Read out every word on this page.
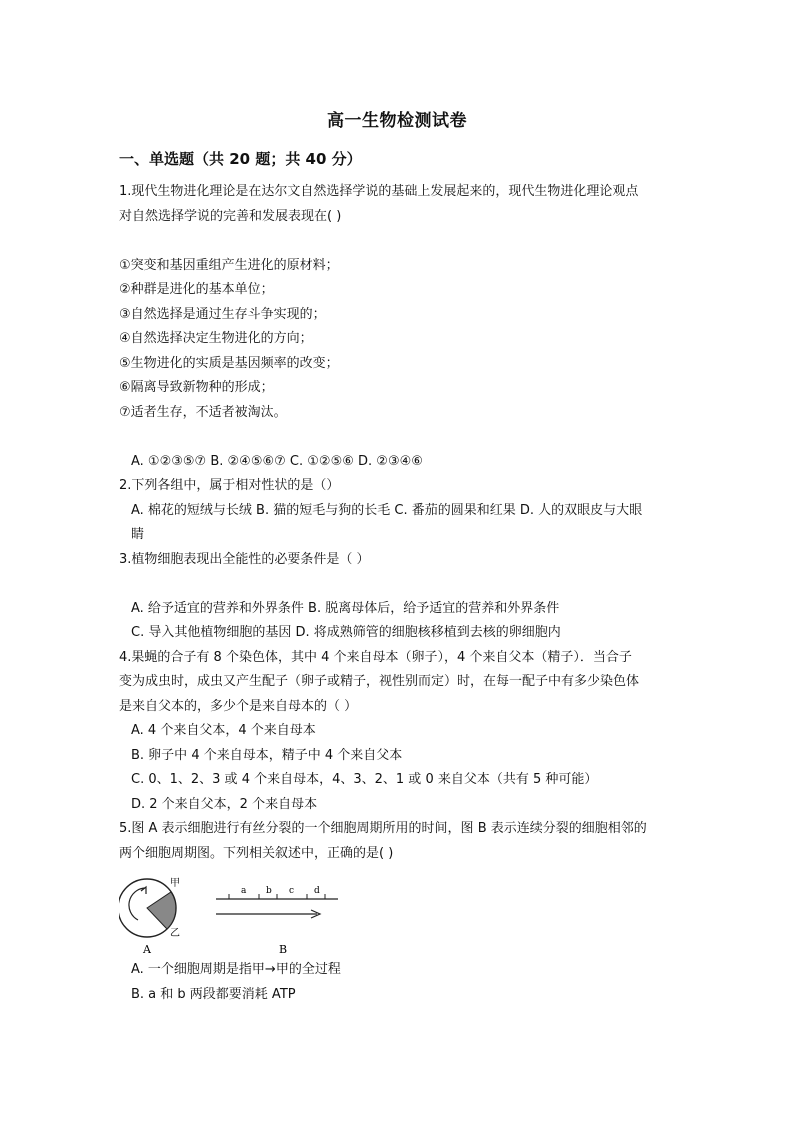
高一生物检测试卷
一、单选题（共 20 题；共 40 分）
1.现代生物进化理论是在达尔文自然选择学说的基础上发展起来的，现代生物进化理论观点
对自然选择学说的完善和发展表现在( )
①突变和基因重组产生进化的原材料；
②种群是进化的基本单位；
③自然选择是通过生存斗争实现的；
④自然选择决定生物进化的方向；
⑤生物进化的实质是基因频率的改变；
⑥隔离导致新物种的形成；
⑦适者生存，不适者被淘汰。
A. ①②③⑤⑦ B. ②④⑤⑥⑦ C. ①②⑤⑥ D. ②③④⑥
2.下列各组中，属于相对性状的是（）
A. 棉花的短绒与长绒 B. 猫的短毛与狗的长毛 C. 番茄的圆果和红果 D. 人的双眼皮与大眼
睛
3.植物细胞表现出全能性的必要条件是（ ）
A. 给予适宜的营养和外界条件 B. 脱离母体后，给予适宜的营养和外界条件
C. 导入其他植物细胞的基因 D. 将成熟筛管的细胞核移植到去核的卵细胞内
4.果蝇的合子有 8 个染色体，其中 4 个来自母本（卵子），4 个来自父本（精子）．当合子
变为成虫时，成虫又产生配子（卵子或精子，视性别而定）时，在每一配子中有多少染色体
是来自父本的，多少个是来自母本的（ ）
A. 4 个来自父本，4 个来自母本
B. 卵子中 4 个来自母本，精子中 4 个来自父本
C. 0、1、2、3 或 4 个来自母本，4、3、2、1 或 0 来自父本（共有 5 种可能）
D. 2 个来自父本，2 个来自母本
5.图 A 表示细胞进行有丝分裂的一个细胞周期所用的时间，图 B 表示连续分裂的细胞相邻的
两个细胞周期图。下列相关叙述中，正确的是( )
甲
乙
A
a b c d
B
A. 一个细胞周期是指甲→甲的全过程
B. a 和 b 两段都要消耗 ATP
